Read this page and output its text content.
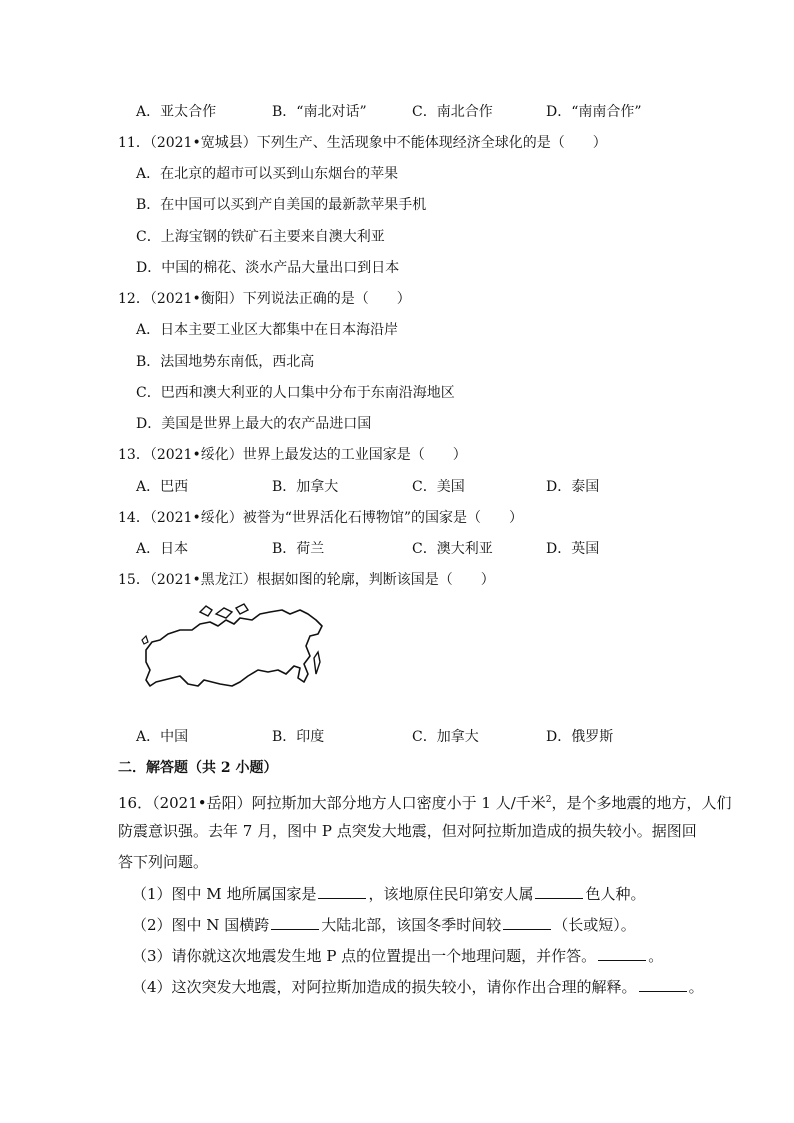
A．亚太合作	B．“南北对话”	C．南北合作	D．“南南合作”
11．（2021•宽城县）下列生产、生活现象中不能体现经济全球化的是（　　）
A．在北京的超市可以买到山东烟台的苹果
B．在中国可以买到产自美国的最新款苹果手机
C．上海宝钢的铁矿石主要来自澳大利亚
D．中国的棉花、淡水产品大量出口到日本
12．（2021•衡阳）下列说法正确的是（　　）
A．日本主要工业区大都集中在日本海沿岸
B．法国地势东南低，西北高
C．巴西和澳大利亚的人口集中分布于东南沿海地区
D．美国是世界上最大的农产品进口国
13．（2021•绥化）世界上最发达的工业国家是（　　）
A．巴西	B．加拿大	C．美国	D．泰国
14．（2021•绥化）被誉为“世界活化石博物馆”的国家是（　　）
A．日本	B．荷兰	C．澳大利亚	D．英国
15．（2021•黑龙江）根据如图的轮廓，判断该国是（　　）
A．中国	B．印度	C．加拿大	D．俄罗斯
二．解答题（共 2 小题）
16．（2021•岳阳）阿拉斯加大部分地方人口密度小于 1 人/千米$^2$，是个多地震的地方，人们
防震意识强。去年 7 月，图中 P 点突发大地震，但对阿拉斯加造成的损失较小。据图回
答下列问题。
（1）图中 M 地所属国家是	，该地原住民印第安人属	色人种。
（2）图中 N 国横跨	大陆北部，该国冬季时间较	（长或短）。
（3）请你就这次地震发生地 P 点的位置提出一个地理问题，并作答。	。
（4）这次突发大地震，对阿拉斯加造成的损失较小，请你作出合理的解释。	。
